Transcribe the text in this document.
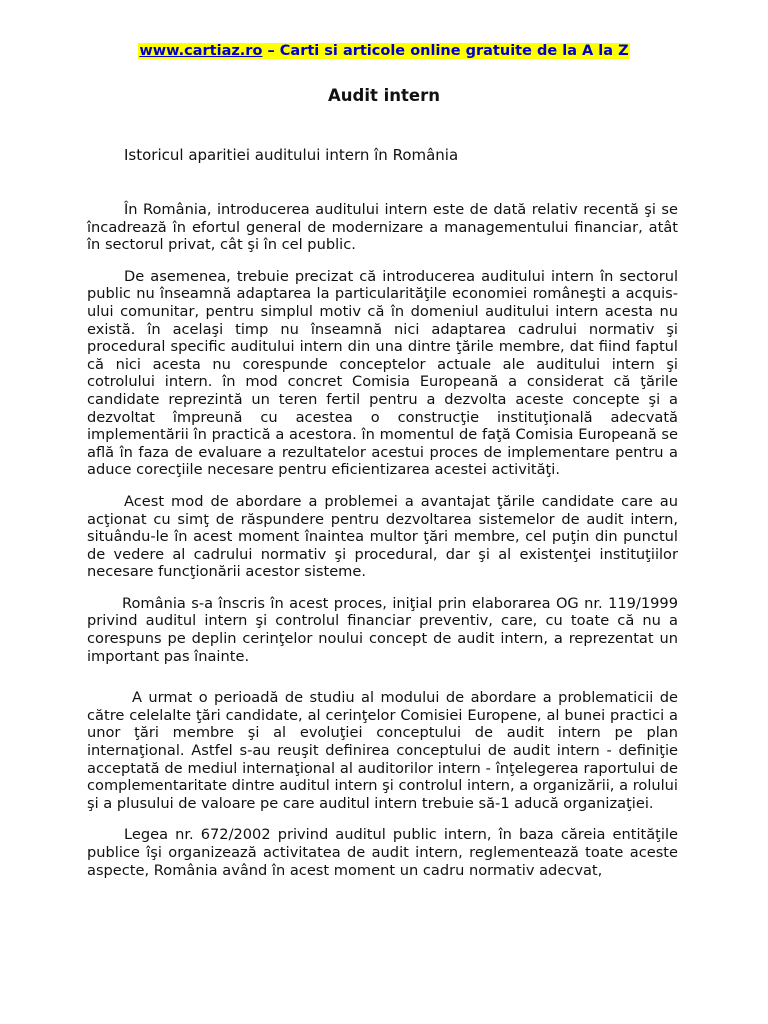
www.cartiaz.ro – Carti si articole online gratuite de la A la Z
Audit intern
Istoricul aparitiei auditului intern în România

În România, introducerea auditului intern este de dată relativ recentă şi se încadrează în efortul general de modernizare a managementului financiar, atât în sectorul privat, cât şi în cel public.

De asemenea, trebuie precizat că introducerea auditului intern în sectorul public nu înseamnă adaptarea la particularităţile economiei româneşti a acquis-ului comunitar, pentru simplul motiv că în domeniul auditului intern acesta nu există. în acelaşi timp nu înseamnă nici adaptarea cadrului normativ şi procedural specific auditului intern din una dintre ţările membre, dat fiind faptul că nici acesta nu corespunde conceptelor actuale ale auditului intern şi cotrolului intern. în mod concret Comisia Europeană a considerat că ţările candidate reprezintă un teren fertil pentru a dezvolta aceste concepte şi a dezvoltat împreună cu acestea o construcţie instituţională adecvată implementării în practică a acestora. în momentul de faţă Comisia Europeană se află în faza de evaluare a rezultatelor acestui proces de implementare pentru a aduce corecţiile necesare pentru eficientizarea acestei activităţi.

Acest mod de abordare a problemei a avantajat ţările candidate care au acţionat cu simţ de răspundere pentru dezvoltarea sistemelor de audit intern, situându-le în acest moment înaintea multor ţări membre, cel puţin din punctul de vedere al cadrului normativ şi procedural, dar şi al existenţei instituţiilor necesare funcţionării acestor sisteme.

România s-a înscris în acest proces, iniţial prin elaborarea OG nr. 119/1999 privind auditul intern şi controlul financiar preventiv, care, cu toate că nu a corespuns pe deplin cerinţelor noului concept de audit intern, a reprezentat un important pas înainte.

A urmat o perioadă de studiu al modului de abordare a problematicii de către celelalte ţări candidate, al cerinţelor Comisiei Europene, al bunei practici a unor ţări membre şi al evoluţiei conceptului de audit intern pe plan internaţional. Astfel s-au reuşit definirea conceptului de audit intern - definiţie acceptată de mediul internaţional al auditorilor intern - înţelegerea raportului de complementaritate dintre auditul intern şi controlul intern, a organizării, a rolului şi a plusului de valoare pe care auditul intern trebuie să-1 aducă organizaţiei.

Legea nr. 672/2002 privind auditul public intern, în baza căreia entităţile publice îşi organizează activitatea de audit intern, reglementează toate aceste aspecte, România având în acest moment un cadru normativ adecvat,
